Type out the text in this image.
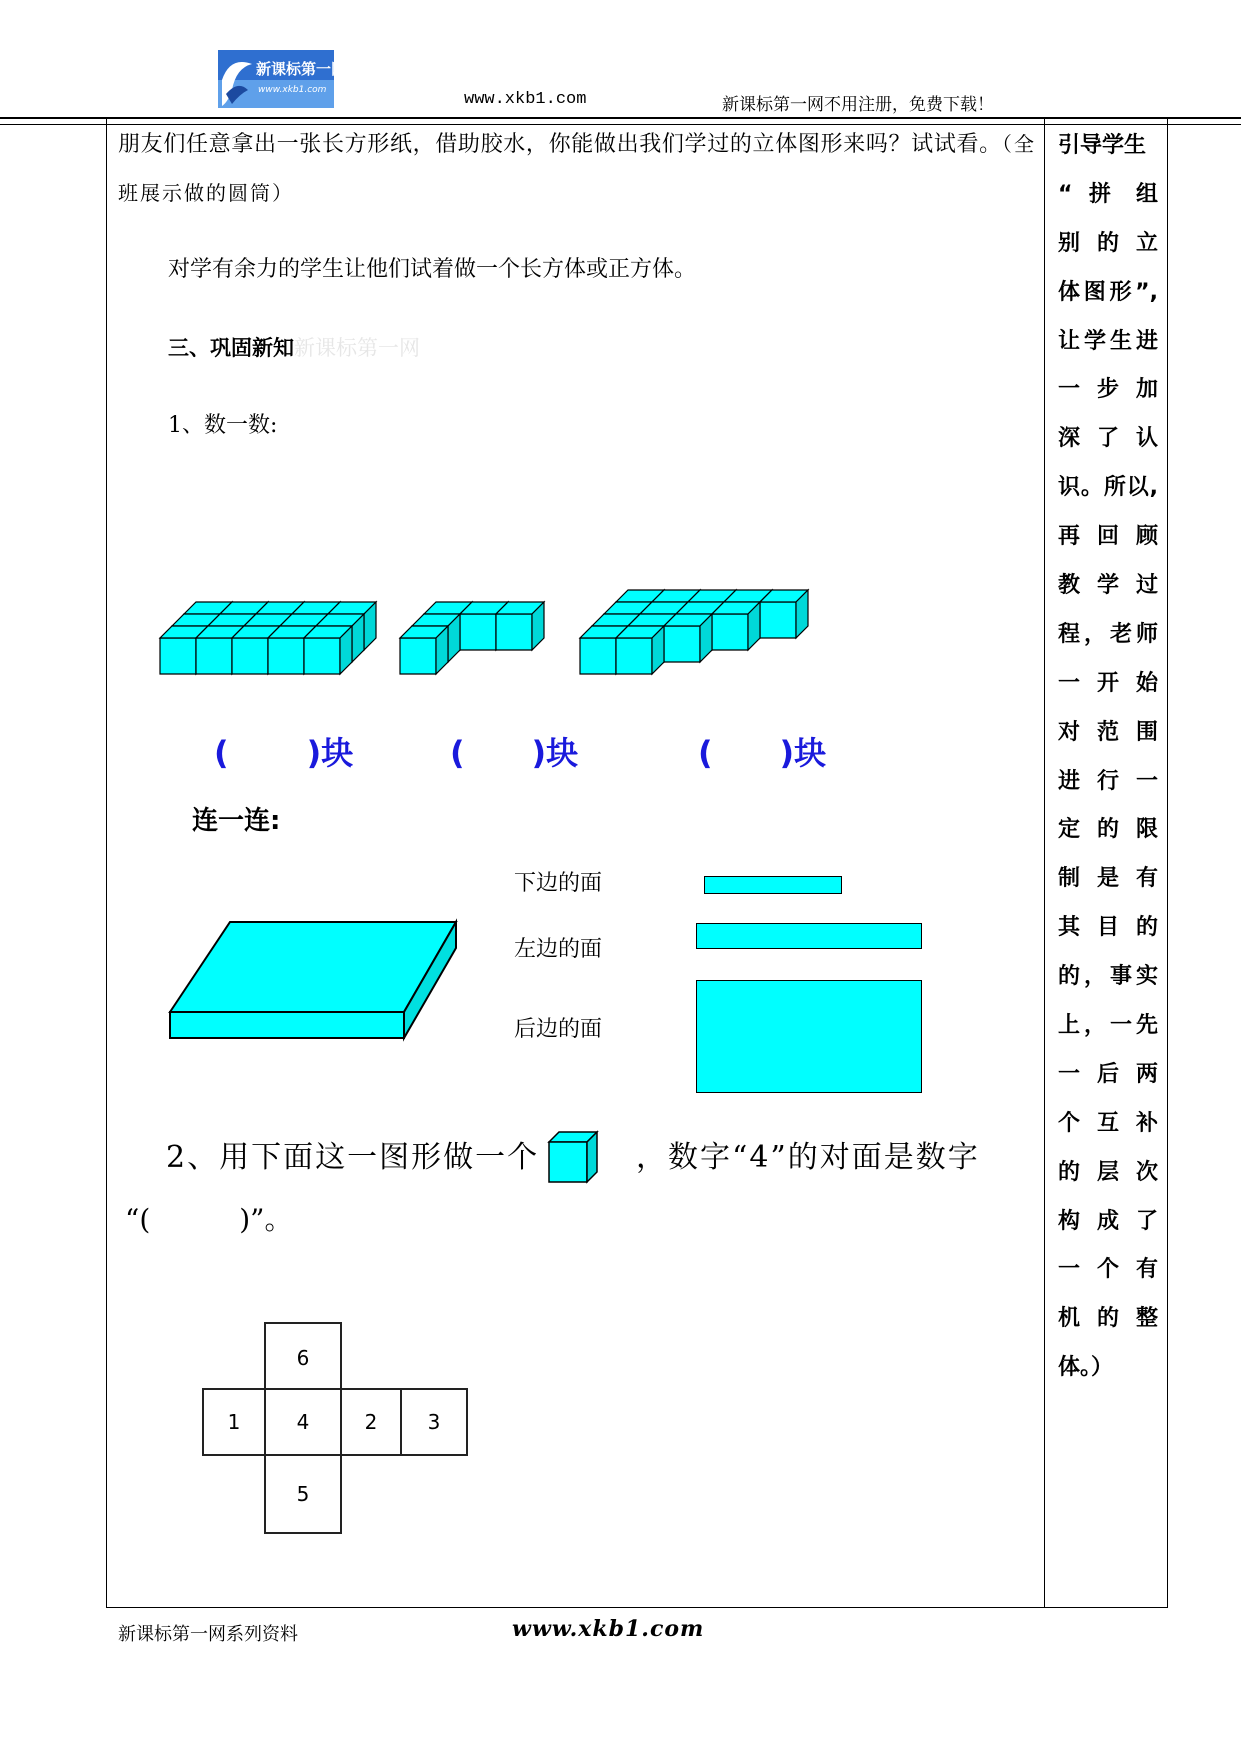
新课标第一网
www.xkb1.com	www.xkb1.com	新课标第一网不用注册，免费下载！
朋友们任意拿出一张长方形纸，借助胶水，你能做出我们学过的立体图形来吗？试试看。（全班展示做的圆筒）
对学有余力的学生让他们试着做一个长方体或正方体。
三、巩固新知新课标第一网
1、数一数:
(       )块	(      )块	(      )块
连一连:
下边的面
左边的面
后边的面
2、用下面这一图形做一个	，数字“4”的对面是数字
“(          )”。
6
1	4	2	3
5
引导学生
“ 拼 组
别 的 立
体图形”,
让学生进
一 步 加
深 了 认
识。所以,
再 回 顾
教 学 过
程，老师
一 开 始
对 范 围
进 行 一
定 的 限
制 是 有
其 目 的
的，事实
上，一先
一 后 两
个 互 补
的 层 次
构 成 了
一 个 有
机 的 整
体。）
新课标第一网系列资料	www.xkb1.com
